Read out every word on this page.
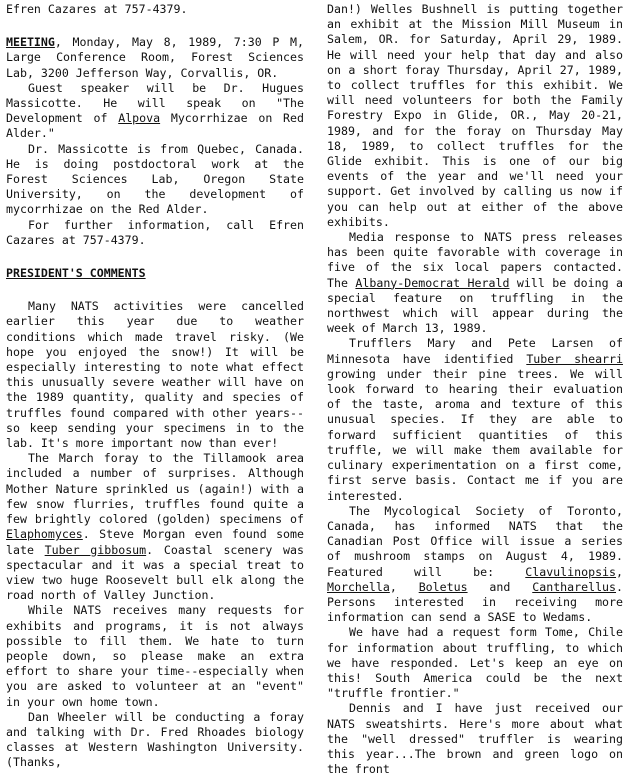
Efren Cazares at 757-4379.

MEETING, Monday, May 8, 1989, 7:30 P M, Large Conference Room, Forest Sciences Lab, 3200 Jefferson Way, Corvallis, OR.

Guest speaker will be Dr. Hugues Massicotte. He will speak on "The Development of Alpova Mycorrhizae on Red Alder."

Dr. Massicotte is from Quebec, Canada. He is doing postdoctoral work at the Forest Sciences Lab, Oregon State University, on the development of mycorrhizae on the Red Alder.

For further information, call Efren Cazares at 757-4379.

PRESIDENT'S COMMENTS

Many NATS activities were cancelled earlier this year due to weather conditions which made travel risky. (We hope you enjoyed the snow!) It will be especially interesting to note what effect this unusually severe weather will have on the 1989 quantity, quality and species of truffles found compared with other years--so keep sending your specimens in to the lab. It's more important now than ever!

The March foray to the Tillamook area included a number of surprises. Although Mother Nature sprinkled us (again!) with a few snow flurries, truffles found quite a few brightly colored (golden) specimens of Elaphomyces. Steve Morgan even found some late Tuber gibbosum. Coastal scenery was spectacular and it was a special treat to view two huge Roosevelt bull elk along the road north of Valley Junction.

While NATS receives many requests for exhibits and programs, it is not always possible to fill them. We hate to turn people down, so please make an extra effort to share your time--especially when you are asked to volunteer at an "event" in your own home town.

Dan Wheeler will be conducting a foray and talking with Dr. Fred Rhoades biology classes at Western Washington University. (Thanks,

Dan!) Welles Bushnell is putting together an exhibit at the Mission Mill Museum in Salem, OR. for Saturday, April 29, 1989. He will need your help that day and also on a short foray Thursday, April 27, 1989, to collect truffles for this exhibit. We will need volunteers for both the Family Forestry Expo in Glide, OR., May 20-21, 1989, and for the foray on Thursday May 18, 1989, to collect truffles for the Glide exhibit. This is one of our big events of the year and we'll need your support. Get involved by calling us now if you can help out at either of the above exhibits.

Media response to NATS press releases has been quite favorable with coverage in five of the six local papers contacted. The Albany-Democrat Herald will be doing a special feature on truffling in the northwest which will appear during the week of March 13, 1989.

Trufflers Mary and Pete Larsen of Minnesota have identified Tuber shearri growing under their pine trees. We will look forward to hearing their evaluation of the taste, aroma and texture of this unusual species. If they are able to forward sufficient quantities of this truffle, we will make them available for culinary experimentation on a first come, first serve basis. Contact me if you are interested.

The Mycological Society of Toronto, Canada, has informed NATS that the Canadian Post Office will issue a series of mushroom stamps on August 4, 1989. Featured will be: Clavulinopsis, Morchella, Boletus and Cantharellus. Persons interested in receiving more information can send a SASE to Wedams.

We have had a request form Tome, Chile for information about truffling, to which we have responded. Let's keep an eye on this! South America could be the next "truffle frontier."

Dennis and I have just received our NATS sweatshirts. Here's more about what the "well dressed" truffler is wearing this year...The brown and green logo on the front
